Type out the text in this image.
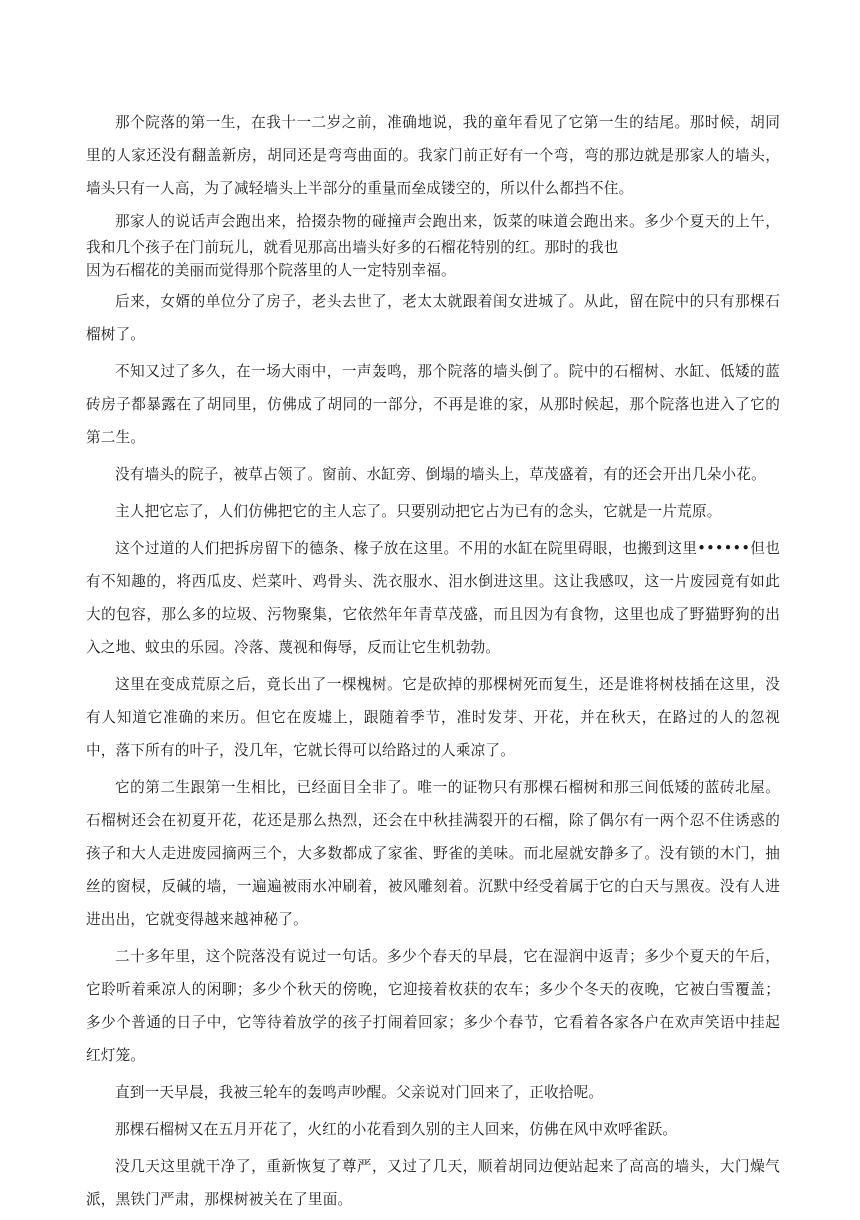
那个院落的第一生，在我十一二岁之前，准确地说，我的童年看见了它第一生的结尾。那时候，胡同里的人家还没有翻盖新房，胡同还是弯弯曲面的。我家门前正好有一个弯，弯的那边就是那家人的墙头，墙头只有一人高，为了减轻墙头上半部分的重量而垒成镂空的，所以什么都挡不住。

那家人的说话声会跑出来，拾掇杂物的碰撞声会跑出来，饭菜的味道会跑出来。多少个夏天的上午，我和几个孩子在门前玩儿，就看见那高出墙头好多的石榴花特别的红。那时的我也

因为石榴花的美丽而觉得那个院落里的人一定特别幸福。

后来，女婿的单位分了房子，老头去世了，老太太就跟着闺女进城了。从此，留在院中的只有那棵石榴树了。

不知又过了多久，在一场大雨中，一声轰鸣，那个院落的墙头倒了。院中的石榴树、水缸、低矮的蓝砖房子都暴露在了胡同里，仿佛成了胡同的一部分，不再是谁的家，从那时候起，那个院落也进入了它的第二生。

没有墙头的院子，被草占领了。窗前、水缸旁、倒塌的墙头上，草茂盛着，有的还会开出几朵小花。

主人把它忘了，人们仿佛把它的主人忘了。只要别动把它占为已有的念头，它就是一片荒原。

这个过道的人们把拆房留下的德条、椽子放在这里。不用的水缸在院里碍眼，也搬到这里••••••但也有不知趣的，将西瓜皮、烂菜叶、鸡骨头、洗衣服水、泪水倒进这里。这让我感叹，这一片废园竟有如此大的包容，那么多的垃圾、污物聚集，它依然年年青草茂盛，而且因为有食物，这里也成了野猫野狗的出入之地、蚊虫的乐园。冷落、蔑视和侮辱，反而让它生机勃勃。

这里在变成荒原之后，竟长出了一棵槐树。它是砍掉的那棵树死而复生，还是谁将树枝插在这里，没有人知道它准确的来历。但它在废墟上，跟随着季节，准时发芽、开花，并在秋天，在路过的人的忽视中，落下所有的叶子，没几年，它就长得可以给路过的人乘凉了。

它的第二生跟第一生相比，已经面目全非了。唯一的证物只有那棵石榴树和那三间低矮的蓝砖北屋。石榴树还会在初夏开花，花还是那么热烈，还会在中秋挂满裂开的石榴，除了偶尔有一两个忍不住诱惑的孩子和大人走进废园摘两三个，大多数都成了家雀、野雀的美味。而北屋就安静多了。没有锁的木门，抽丝的窗棂，反碱的墙，一遍遍被雨水冲刷着，被风雕刻着。沉默中经受着属于它的白天与黑夜。没有人进进出出，它就变得越来越神秘了。

二十多年里，这个院落没有说过一句话。多少个春天的早晨，它在湿润中返青；多少个夏天的午后，它聆听着乘凉人的闲聊；多少个秋天的傍晚，它迎接着枚获的农车；多少个冬天的夜晚，它被白雪覆盖；多少个普通的日子中，它等待着放学的孩子打闹着回家；多少个春节，它看着各家各户在欢声笑语中挂起红灯笼。

直到一天早晨，我被三轮车的轰鸣声吵醒。父亲说对门回来了，正收拾呢。

那棵石榴树又在五月开花了，火红的小花看到久别的主人回来，仿佛在风中欢呼雀跃。

没几天这里就干净了，重新恢复了尊严，又过了几天，顺着胡同边便站起来了高高的墙头，大门燥气派，黑铁门严肃，那棵树被关在了里面。
